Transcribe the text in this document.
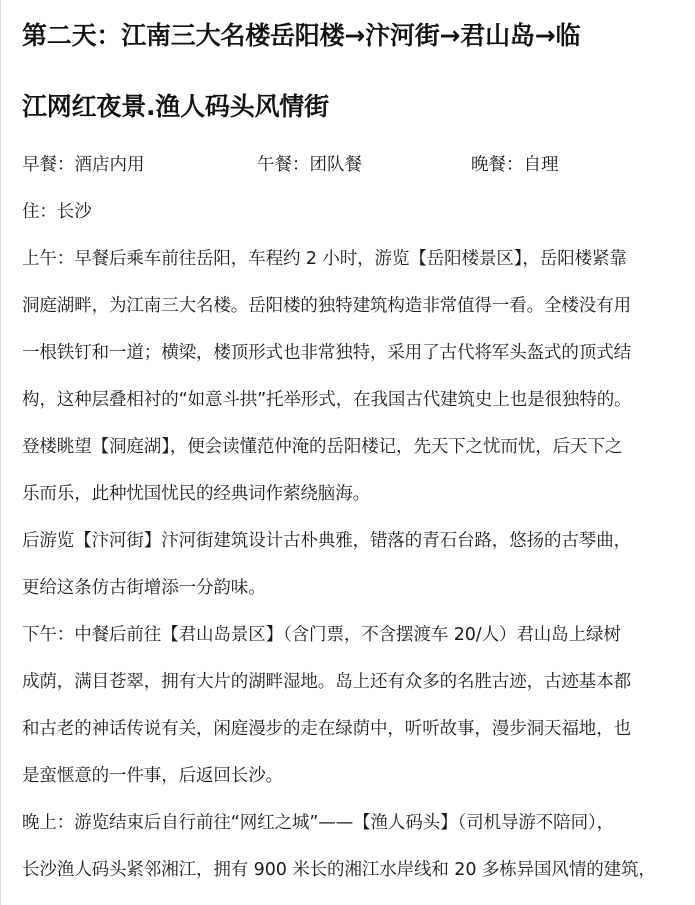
第二天：江南三大名楼岳阳楼→汴河街→君山岛→临
江网红夜景.渔人码头风情街
早餐：酒店内用	午餐：团队餐	晚餐：自理
住：长沙
上午：早餐后乘车前往岳阳，车程约 2 小时，游览【岳阳楼景区】，岳阳楼紧靠
洞庭湖畔，为江南三大名楼。岳阳楼的独特建筑构造非常值得一看。全楼没有用
一根铁钉和一道；横梁，楼顶形式也非常独特，采用了古代将军头盔式的顶式结
构，这种层叠相衬的“如意斗拱”托举形式，在我国古代建筑史上也是很独特的。
登楼眺望【洞庭湖】，便会读懂范仲淹的岳阳楼记，先天下之忧而忧，后天下之
乐而乐，此种忧国忧民的经典词作萦绕脑海。
后游览【汴河街】汴河街建筑设计古朴典雅，错落的青石台路，悠扬的古琴曲，
更给这条仿古街增添一分韵味。
下午：中餐后前往【君山岛景区】（含门票，不含摆渡车 20/人）君山岛上绿树
成荫，满目苍翠，拥有大片的湖畔湿地。岛上还有众多的名胜古迹，古迹基本都
和古老的神话传说有关，闲庭漫步的走在绿荫中，听听故事，漫步洞天福地，也
是蛮惬意的一件事，后返回长沙。
晚上：游览结束后自行前往“网红之城”——【渔人码头】（司机导游不陪同），
长沙渔人码头紧邻湘江，拥有 900 米长的湘江水岸线和 20 多栋异国风情的建筑，
